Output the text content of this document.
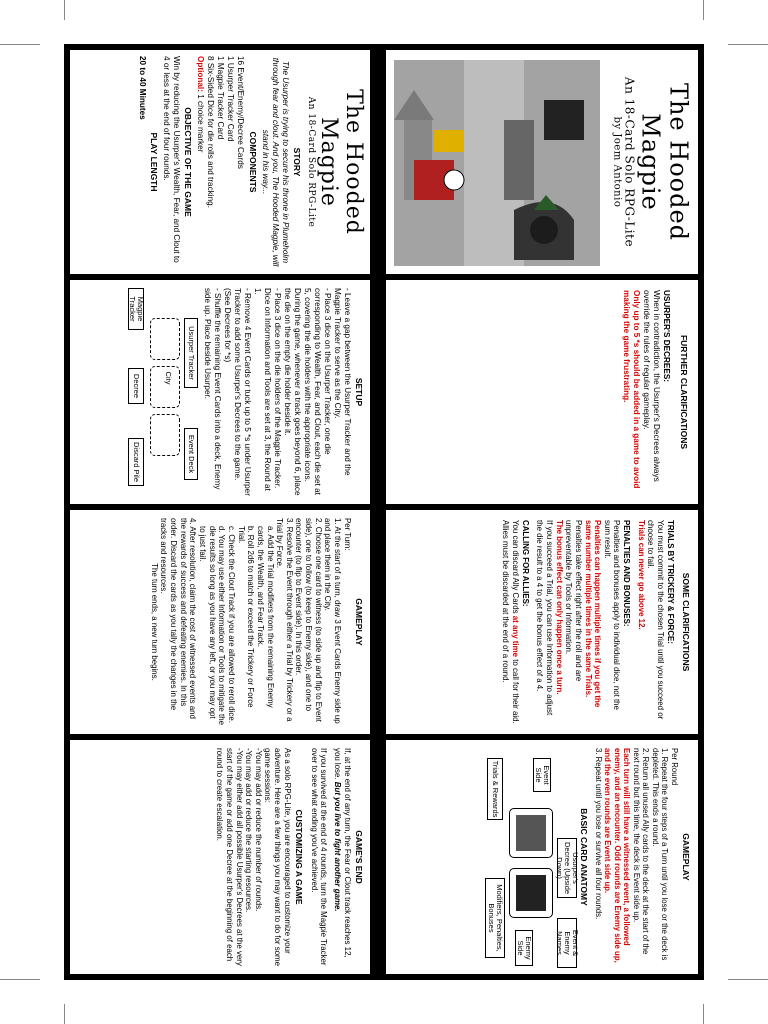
The Hooded Magpie
An 18-Card Solo RPG-Lite
STORY
The Usurper is trying to secure his throne in Plumeholm through fear and clout. And you, The Hooded Magpie, will stand in his way...
COMPONENTS
16 Event/Enemy/Decree Cards
1 Usurper Tracker Card
1 Magpie Tracker Card
8 Six-Sided Dice for die rolls and tracking.
Optional: 1 choice marker
OBJECTIVE OF THE GAME
Win by reducing the Usurper's Wealth, Fear, and Clout to 4 or less at the end of four rounds.
PLAY LENGTH
20 to 40 Minutes	The Hooded Magpie
An 18-Card Solo RPG-Lite
by Joem Antonio
SETUP
- Leave a gap between the Usurper Tracker and the Magpie Tracker to serve as the City.
- Place 3 dice on the Usurper Tracker, one die corresponding to Wealth, Fear, and Clout, each die set at 5, covering the die holders with the appropriate icons. During the game, whenever a track goes beyond 6, place the die on the empty die holder beside it.
- Place 3 dice on the die holders of the Magpie Tracker. Dice on Information and Tools are set at 3, the Round at 1.
- Remove 4 Event Cards or tuck up to 5 *s under Usurper Tracker to add some Usurper's Decrees to the game. (See Decrees for *s)
- Shuffle the remaining Event Cards into a deck, Enemy side up. Place beside Usurper.
Usurper Tracker
Event Deck
City
Magpie Tracker
Decree
Discard Pile
FURTHER CLARIFICATIONS
USURPER'S DECREES:
When in contradiction, the Usurper's Decrees always override the rules of regular gameplay.
Only up to 5 *s should be added in a game to avoid making the game frustrating.
GAMEPLAY
Per Turn:
1. At the start of a turn, draw 3 Event Cards Enemy side up and place them in the City.
2. Choose one card to witness (to side up and flip to Event side), one to follow (to keep to Enemy side), and one to encounter (to flip to Event side). In this order.
3. Resolve the Event through either a Trial by Trickery or a Trial by Force.
a. Add the Trial modifiers from the remaining Enemy cards, the Wealth, and Fear Track.
b. Roll 2d6 to match or exceed the Trickery or Force Trial.
c. Check the Clout Track if you are allowed to reroll dice.
d. You may use either Information or Tools to mitigate the die results so long as you have any left, or you may opt to just fail.
4. After resolution, claim the cost of witnessed events and the rewards of success and defeating enemies. In this order. Discard the cards as you tally the changes in the tracks and resources.
The turn ends, a new turn begins.	SOME CLARIFICATIONS
TRIALS BY TRICKERY & FORCE:
You must commit to the chosen Trial until you succeed or choose to fail.
Trials can never go above 12.
PENALTIES AND BONUSES:
Penalties and bonuses apply to individual dice, not the sum result.
Penalties can happen multiple times if you get the same number multiple times in the same Trials.
Penalties take effect right after the roll and are unpreventable by Tools or Information.
The bonus effect can only happen once a turn.
If you succeed a Trial, you can use Information to adjust the die result to a 4 to get the bonus effect of a 4.
CALLING FOR ALLIES:
You can discard Ally Cards at any time to call for their aid. Allies must be discarded at the end of a round.
GAME'S END
If, at the end of any turn, the Fear or Clout track reaches 12, you lose. But you live to fight another game.
If you survived at the end of 4 rounds, turn the Magpie Tracker over to see what ending you've achieved.
CUSTOMIZING A GAME
As a solo RPG-Lite, you are encouraged to customize your adventure. Here are a few things you may want to do for some game sessions:
-You may add or reduce the number of rounds.
-You may add or reduce the starting resources.
-You may either add all possible Usurper's Decrees at the very start of the game or add one Decree at the beginning of each round to create escalation.
GAMEPLAY
Per Round
1. Repeat the four steps of a Turn until you lose or the deck is depleted. This ends a round.
2. Return all unused Ally cards to the deck at the start of the next round but this time, the deck is Event side up.
Each turn will still have a witnessed event, a followed enemy, and an encounter. Odd rounds are Enemy side up, and the even rounds are Event side up.
3. Repeat until you lose or survive all four rounds.
BASIC CARD ANATOMY
Usurper's Decree (Upside Down)
Event & Enemy Names
Event Side
Enemy Side
Trials & Rewards
Modifiers, Penalties, Bonuses
